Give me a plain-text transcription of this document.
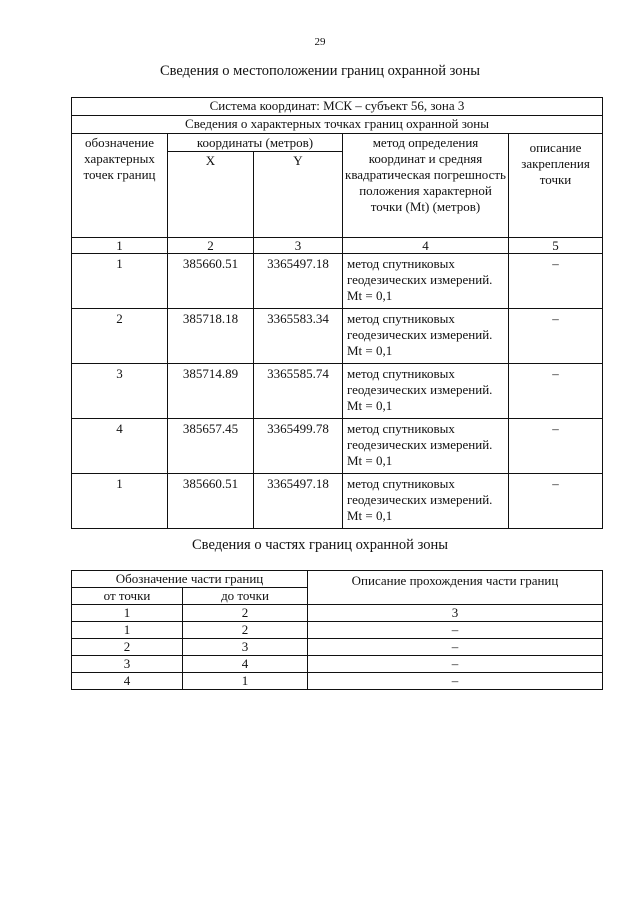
29
Сведения о местоположении границ охранной зоны
Система координат: МСК – субъект 56, зона 3				
Сведения о характерных точках границ охранной зоны				
обозначение характерных точек границ	координаты (метров)		метод определения координат и средняя квадратическая погрешность положения характерной точки (Mt) (метров)	описание закрепления точки
	X	Y		
1	2	3	4	5
1	385660.51	3365497.18	метод спутниковых геодезических измерений. Mt = 0,1	–
2	385718.18	3365583.34	метод спутниковых геодезических измерений. Mt = 0,1	–
3	385714.89	3365585.74	метод спутниковых геодезических измерений. Mt = 0,1	–
4	385657.45	3365499.78	метод спутниковых геодезических измерений. Mt = 0,1	–
1	385660.51	3365497.18	метод спутниковых геодезических измерений. Mt = 0,1	–
Сведения о частях границ охранной зоны
Обозначение части границ		Описание прохождения части границ
от точки	до точки	
1	2	3
1	2	–
2	3	–
3	4	–
4	1	–
